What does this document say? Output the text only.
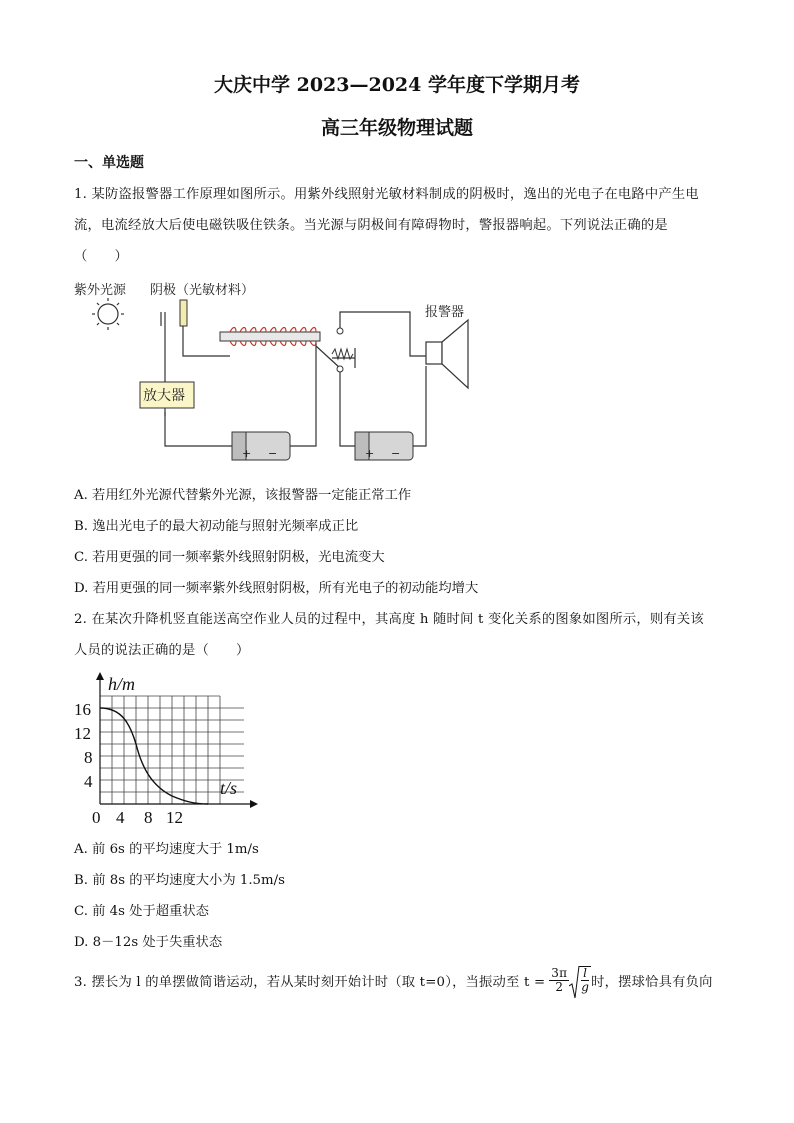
大庆中学 2023—2024 学年度下学期月考
高三年级物理试题
一、单选题
1. 某防盗报警器工作原理如图所示。用紫外线照射光敏材料制成的阴极时，逸出的光电子在电路中产生电
流，电流经放大后使电磁铁吸住铁条。当光源与阴极间有障碍物时，警报器响起。下列说法正确的是
（　　）
紫外光源 阴极（光敏材料）
报警器
放大器
+ −	+ −
A. 若用红外光源代替紫外光源，该报警器一定能正常工作
B. 逸出光电子的最大初动能与照射光频率成正比
C. 若用更强的同一频率紫外线照射阴极，光电流变大
D. 若用更强的同一频率紫外线照射阴极，所有光电子的初动能均增大
2. 在某次升降机竖直能送高空作业人员的过程中，其高度 h 随时间 t 变化关系的图象如图所示，则有关该
人员的说法正确的是（　　）
h/m
t/s
16
12
8
4
0 4 8 12
A. 前 6s 的平均速度大于 1m/s
B. 前 8s 的平均速度大小为 1.5m/s
C. 前 4s 处于超重状态
D. 8－12s 处于失重状态
3. 摆长为 l 的单摆做简谐运动，若从某时刻开始计时（取 t=0），当振动至 $t = \frac{3\pi}{2} \frac{l}{g}$ 时，摆球恰具有负向
